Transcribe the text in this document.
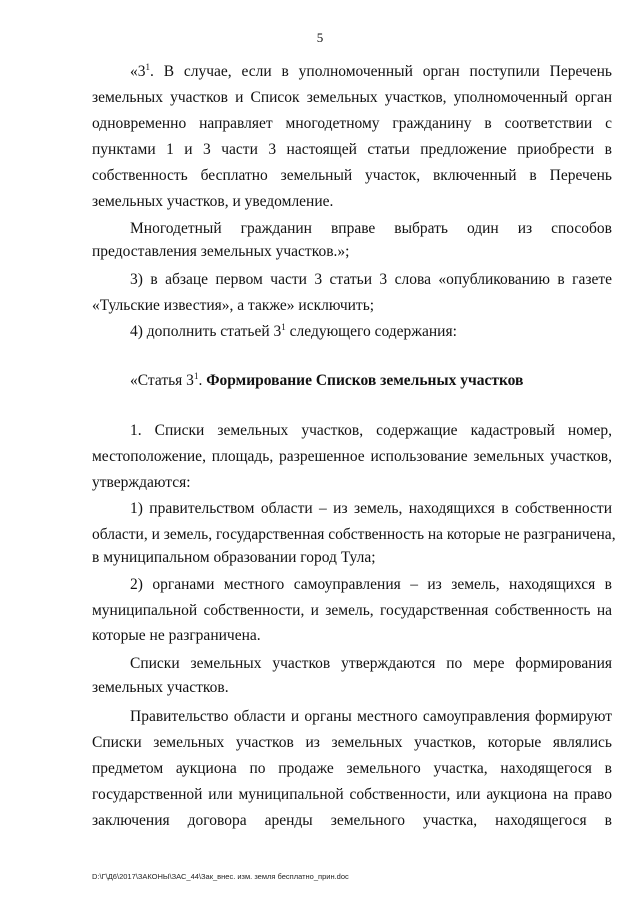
5
«$3^1$. В случае, если в уполномоченный орган поступили Перечень
земельных участков и Список земельных участков, уполномоченный орган
одновременно направляет многодетному гражданину в соответствии с
пунктами 1 и 3 части 3 настоящей статьи предложение приобрести в
собственность бесплатно земельный участок, включенный в Перечень
земельных участков, и уведомление.
Многодетный гражданин вправе выбрать один из способов
предоставления земельных участков.»;
3) в абзаце первом части 3 статьи 3 слова «опубликованию в газете
«Тульские известия», а также» исключить;
4) дополнить статьей $3^1$ следующего содержания:
«Статья $3^1$. Формирование Списков земельных участков
1. Списки земельных участков, содержащие кадастровый номер,
местоположение, площадь, разрешенное использование земельных участков,
утверждаются:
1) правительством области – из земель, находящихся в собственности
области, и земель, государственная собственность на которые не разграничена,
в муниципальном образовании город Тула;
2) органами местного самоуправления – из земель, находящихся в
муниципальной собственности, и земель, государственная собственность на
которые не разграничена.
Списки земельных участков утверждаются по мере формирования
земельных участков.
Правительство области и органы местного самоуправления формируют
Списки земельных участков из земельных участков, которые являлись
предметом аукциона по продаже земельного участка, находящегося в
государственной или муниципальной собственности, или аукциона на право
заключения договора аренды земельного участка, находящегося в
D:\Г\Д6\2017\ЗАКОНЫ\ЗАС_44\Зак_внес. изм. земля бесплатно_прин.doc
